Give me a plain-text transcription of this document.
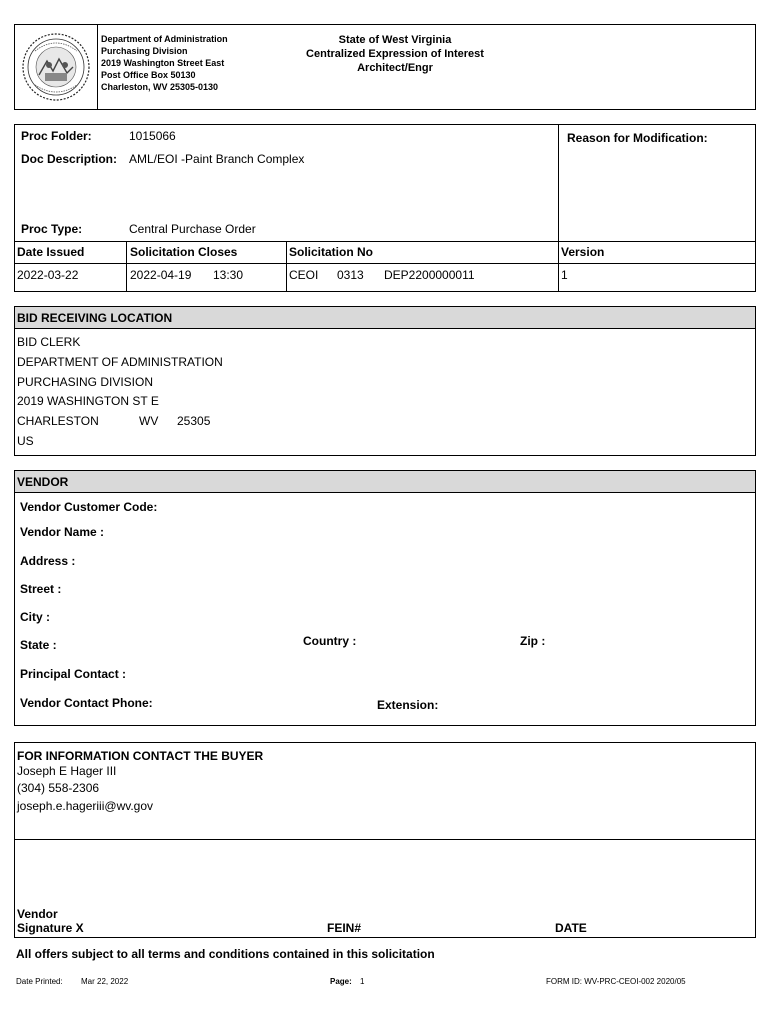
Department of Administration
Purchasing Division
2019 Washington Street East
Post Office Box 50130
Charleston, WV 25305-0130
State of West Virginia
Centralized Expression of Interest
Architect/Engr
Proc Folder:	1015066
Doc Description: AML/EOI -Paint Branch Complex
Proc Type:	Central Purchase Order
Reason for Modification:
Date Issued	Solicitation Closes	Solicitation No	Version
2022-03-22	2022-04-19 13:30	CEOI 0313 DEP2200000011	1
BID RECEIVING LOCATION
BID CLERK
DEPARTMENT OF ADMINISTRATION
PURCHASING DIVISION
2019 WASHINGTON ST E
CHARLESTON	WV 25305
US
VENDOR
Vendor Customer Code:
Vendor Name :
Address :
Street :
City :
State :	Country :	Zip :
Principal Contact :
Vendor Contact Phone:	Extension:
FOR INFORMATION CONTACT THE BUYER
Joseph E Hager III
(304) 558-2306
joseph.e.hageriii@wv.gov
Vendor
Signature X	FEIN#	DATE
All offers subject to all terms and conditions contained in this solicitation
Date Printed: Mar 22, 2022	Page: 1	FORM ID: WV-PRC-CEOI-002 2020/05
